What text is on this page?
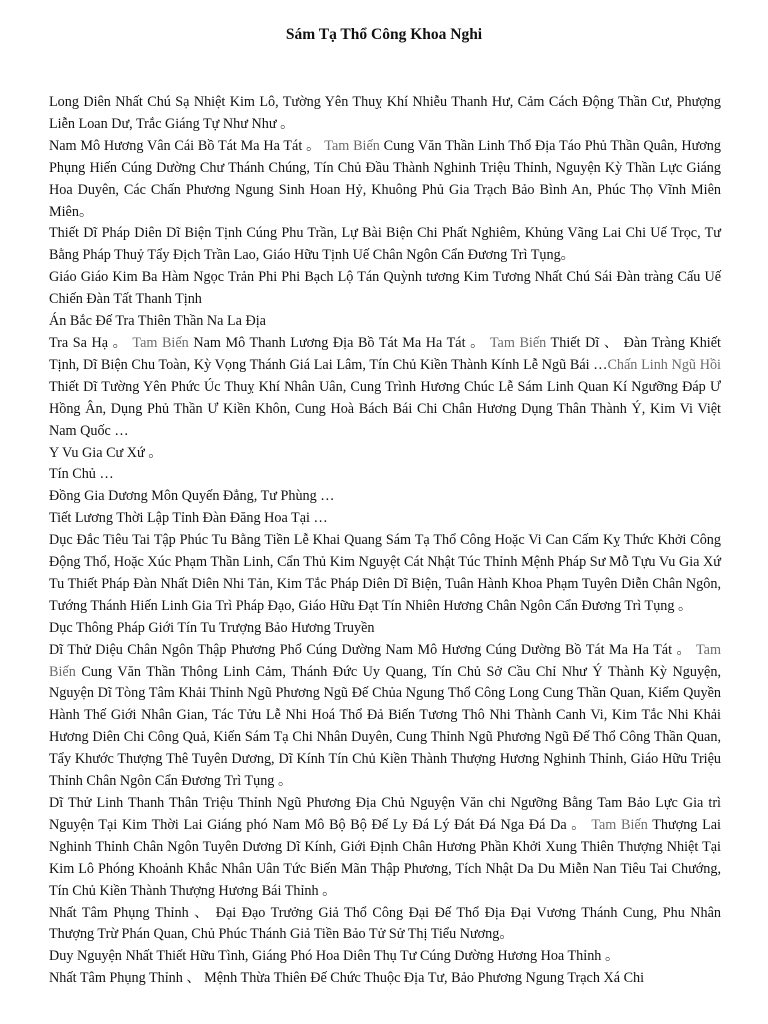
Sám Tạ Thổ Công Khoa Nghi

Long Diên Nhất Chú Sạ Nhiệt Kim Lô, Tường Yên Thuỵ Khí Nhiễu Thanh Hư, Cảm Cách Động Thần Cư, Phượng Liễn Loan Dư, Trắc Giáng Tự Như Như 。

Nam Mô Hương Vân Cái Bồ Tát Ma Ha Tát 。 Tam Biến Cung Văn Thần Linh Thổ Địa Táo Phủ Thần Quân, Hương Phụng Hiến Cúng Dường Chư Thánh Chúng, Tín Chủ Đầu Thành Nghinh Triệu Thỉnh, Nguyện Kỳ Thần Lực Giáng Hoa Duyên, Các Chấn Phương Ngung Sinh Hoan Hỷ, Khuông Phủ Gia Trạch Bảo Bình An, Phúc Thọ Vĩnh Miên Miên。

Thiết Dĩ Pháp Diên Dĩ Biện Tịnh Cúng Phu Trần, Lự Bài Biện Chi Phất Nghiêm, Khủng Vãng Lai Chi Uế Trọc, Tư Bằng Pháp Thuỷ Tẩy Địch Trần Lao, Giáo Hữu Tịnh Uế Chân Ngôn Cẩn Đương Trì Tụng。

Giáo Giáo Kim Ba Hàm Ngọc Trản Phi Phi Bạch Lộ Tán Quỳnh tương Kim Tương Nhất Chú Sái Đàn tràng Cấu Uế Chiến Đàn Tất Thanh Tịnh

Án Bắc Đế Tra Thiên Thần Na La Địa

Tra Sa Hạ 。 Tam Biến Nam Mô Thanh Lương Địa Bồ Tát Ma Ha Tát 。 Tam Biến Thiết Dĩ 、 Đàn Tràng Khiết Tịnh, Dĩ Biện Chu Toàn, Kỳ Vọng Thánh Giá Lai Lâm, Tín Chủ Kiền Thành Kính Lễ Ngũ Bái …Chấn Linh Ngũ Hồi Thiết Dĩ Tường Yên Phức Úc Thuỵ Khí Nhân Uân, Cung Trình Hương Chúc Lễ Sám Linh Quan Kí Ngưỡng Đáp Ư Hồng Ân, Dụng Phủ Thần Ư Kiền Khôn, Cung Hoà Bách Bái Chi Chân Hương Dụng Thân Thành Ý, Kim Vi Việt Nam Quốc …

Y Vu Gia Cư Xứ 。

Tín Chủ …

Đồng Gia Dương Môn Quyến Đẳng, Tư Phùng …

Tiết Lương Thời Lập Tỉnh Đàn Đăng Hoa Tại …

Dục Đắc Tiêu Tai Tập Phúc Tu Bằng Tiền Lễ Khai Quang Sám Tạ Thổ Công Hoặc Vi Can Cấm Kỵ Thức Khởi Công Động Thổ, Hoặc Xúc Phạm Thần Linh, Cẩn Thủ Kim Nguyệt Cát Nhật Túc Thỉnh Mệnh Pháp Sư Mỗ Tựu Vu Gia Xứ Tu Thiết Pháp Đàn Nhất Diên Nhi Tản, Kim Tắc Pháp Diên Dĩ Biện, Tuân Hành Khoa Phạm Tuyên Diễn Chân Ngôn, Tướng Thánh Hiến Linh Gia Trì Pháp Đạo, Giáo Hữu Đạt Tín Nhiên Hương Chân Ngôn Cẩn Đương Trì Tụng 。

Dục Thông Pháp Giới Tín Tu Trượng Bảo Hương Truyền

Dĩ Thử Diệu Chân Ngôn Thập Phương Phổ Cúng Dường Nam Mô Hương Cúng Dường Bồ Tát Ma Ha Tát 。 Tam Biến Cung Văn Thần Thông Linh Cảm, Thánh Đức Uy Quang, Tín Chủ Sở Cầu Chỉ Như Ý Thành Kỳ Nguyện, Nguyện Dĩ Tòng Tâm Khải Thỉnh Ngũ Phương Ngũ Đế Chủa Ngung Thổ Công Long Cung Thần Quan, Kiểm Quyền Hành Thế Giới Nhân Gian, Tác Tửu Lễ Nhi Hoá Thổ Đả Biến Tương Thô Nhi Thành Canh Vi, Kim Tắc Nhi Khải Hương Diên Chi Công Quả, Kiến Sám Tạ Chi Nhân Duyên, Cung Thỉnh Ngũ Phương Ngũ Đế Thổ Công Thần Quan, Tẩy Khước Thượng Thê Tuyên Dương, Dĩ Kính Tín Chủ Kiền Thành Thượng Hương Nghinh Thỉnh, Giáo Hữu Triệu Thỉnh Chân Ngôn Cẩn Đương Trì Tụng 。

Dĩ Thử Linh Thanh Thân Triệu Thỉnh Ngũ Phương Địa Chủ Nguyện Văn chi Ngưỡng Bằng Tam Bảo Lực Gia trì Nguyện Tại Kim Thời Lai Giáng phó Nam Mô Bộ Bộ Đế Ly Đá Lý Đát Đá Nga Đá Da 。 Tam Biến Thượng Lai Nghinh Thỉnh Chân Ngôn Tuyên Dương Dĩ Kính, Giới Định Chân Hương Phần Khởi Xung Thiên Thượng Nhiệt Tại Kim Lô Phóng Khoảnh Khắc Nhân Uân Tức Biến Mãn Thập Phương, Tích Nhật Da Du Miễn Nan Tiêu Tai Chướng, Tín Chủ Kiền Thành Thượng Hương Bái Thỉnh 。

Nhất Tâm Phụng Thỉnh 、 Đại Đạo Trưởng Giả Thổ Công Đại Đế Thổ Địa Đại Vương Thánh Cung, Phu Nhân Thượng Trừ Phán Quan, Chủ Phúc Thánh Giả Tiền Bảo Tử Sử Thị Tiểu Nương。

Duy Nguyện Nhất Thiết Hữu Tình, Giáng Phó Hoa Diên Thụ Tư Cúng Dường Hương Hoa Thỉnh 。

Nhất Tâm Phụng Thỉnh 、 Mệnh Thừa Thiên Đế Chức Thuộc Địa Tư, Bảo Phương Ngung Trạch Xá Chi
